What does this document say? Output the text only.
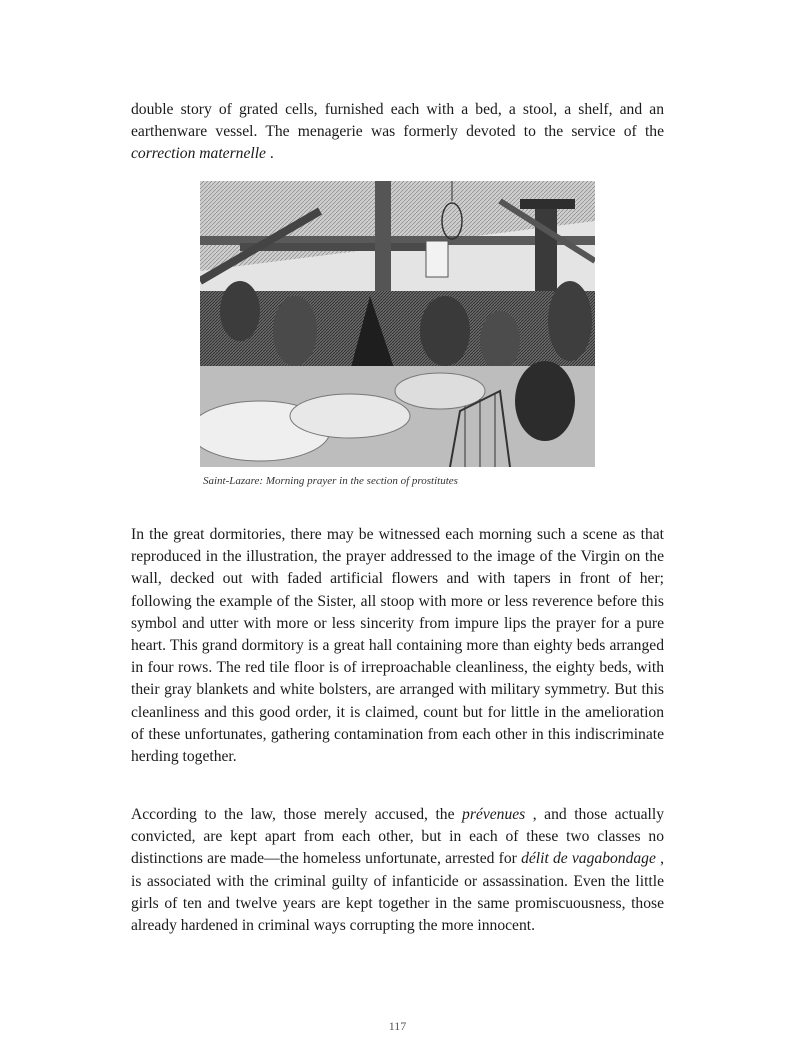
double story of grated cells, furnished each with a bed, a stool, a shelf, and an earthenware vessel. The menagerie was formerly devoted to the service of the correction maternelle .

Saint-Lazare: Morning prayer in the section of prostitutes

In the great dormitories, there may be witnessed each morning such a scene as that reproduced in the illustration, the prayer addressed to the image of the Virgin on the wall, decked out with faded artificial flowers and with tapers in front of her; following the example of the Sister, all stoop with more or less reverence before this symbol and utter with more or less sincerity from impure lips the prayer for a pure heart. This grand dormitory is a great hall containing more than eighty beds arranged in four rows. The red tile floor is of irreproachable cleanliness, the eighty beds, with their gray blankets and white bolsters, are arranged with military symmetry. But this cleanliness and this good order, it is claimed, count but for little in the amelioration of these unfortunates, gathering contamination from each other in this indiscriminate herding together.

According to the law, those merely accused, the prévenues , and those actually convicted, are kept apart from each other, but in each of these two classes no distinctions are made—the homeless unfortunate, arrested for délit de vagabondage , is associated with the criminal guilty of infanticide or assassination. Even the little girls of ten and twelve years are kept together in the same promiscuousness, those already hardened in criminal ways corrupting the more innocent.

117
